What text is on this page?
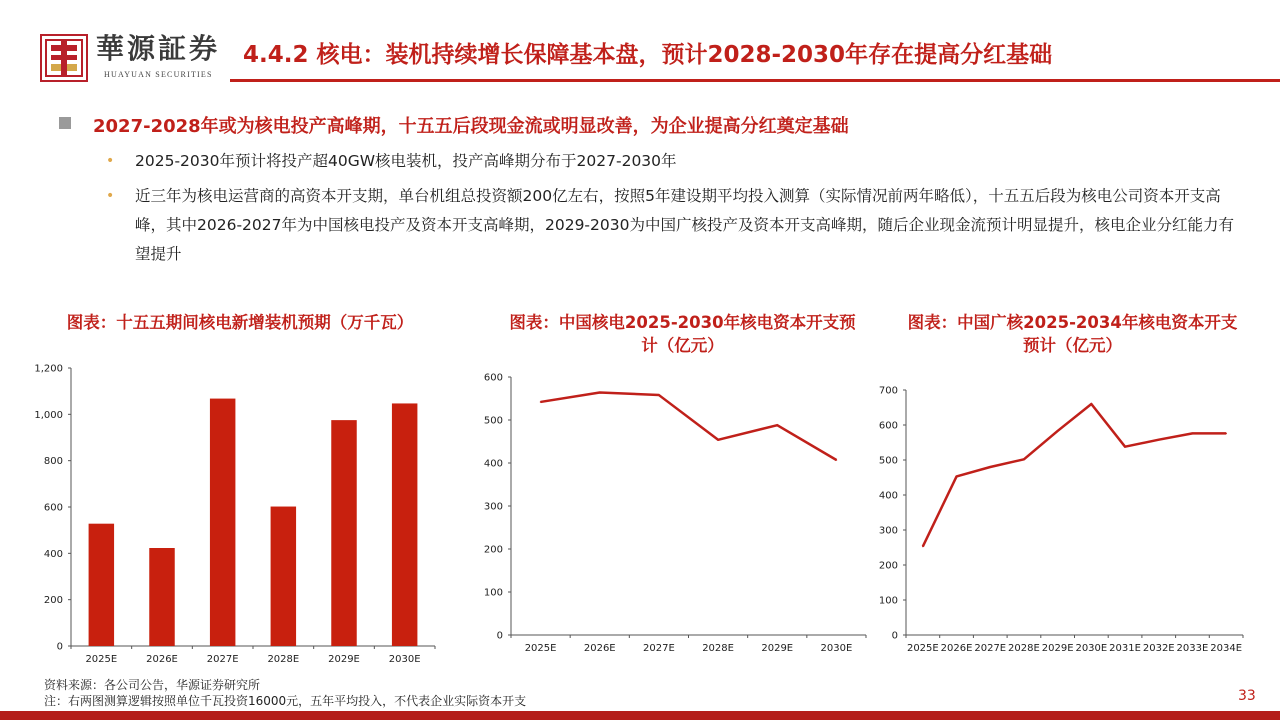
華源証券
HUAYUAN SECURITIES
4.4.2 核电：装机持续增长保障基本盘，预计2028-2030年存在提高分红基础
2027-2028年或为核电投产高峰期，十五五后段现金流或明显改善，为企业提高分红奠定基础
• 2025-2030年预计将投产超40GW核电装机，投产高峰期分布于2027-2030年
• 近三年为核电运营商的高资本开支期，单台机组总投资额200亿左右，按照5年建设期平均投入测算（实际情况前两年略低），十五五后段为核电公司资本开支高峰，其中2026-2027年为中国核电投产及资本开支高峰期，2029-2030为中国广核投产及资本开支高峰期，随后企业现金流预计明显提升，核电企业分红能力有望提升
图表：十五五期间核电新增装机预期（万千瓦）	图表：中国核电2025-2030年核电资本开支预计（亿元）
图表：中国广核2025-2034年核电资本开支预计（亿元）
0
200
400
600
800
1,000
1,200
2025E	2026E	2027E	2028E	2029E	2030E
0
100
200
300
400
500
600
2025E	2026E	2027E	2028E	2029E	2030E
0
100
200
300
400
500
600
700
2025E 2026E 2027E 2028E 2029E 2030E 2031E 2032E 2033E 2034E
资料来源：各公司公告，华源证券研究所
注：右两图测算逻辑按照单位千瓦投资16000元，五年平均投入，不代表企业实际资本开支	33
